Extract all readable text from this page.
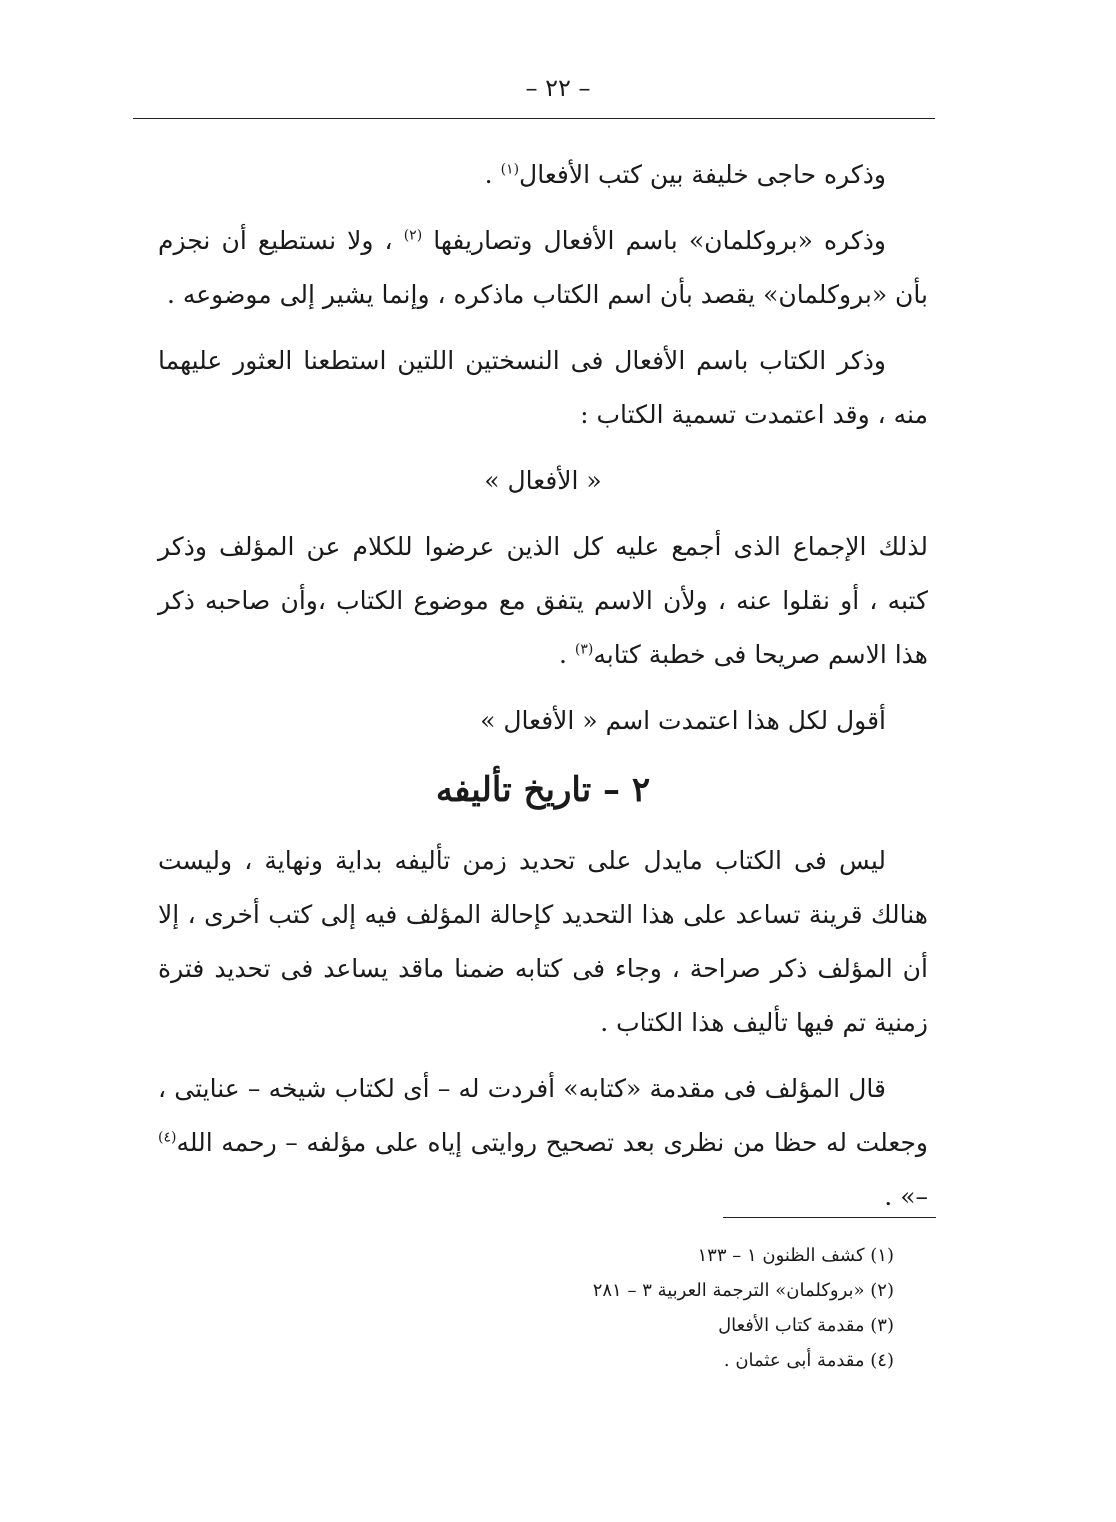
– ٢٢ –

وذكره حاجى خليفة بين كتب الأفعال$^{(١)}$ .

وذكره «بروكلمان» باسم الأفعال وتصاريفها $^{(٢)}$ ، ولا نستطيع أن نجزم بأن «بروكلمان» يقصد بأن اسم الكتاب ماذكره ، وإنما يشير إلى موضوعه .

وذكر الكتاب باسم الأفعال فى النسختين اللتين استطعنا العثور عليهما منه ، وقد اعتمدت تسمية الكتاب :

« الأفعال »

لذلك الإجماع الذى أجمع عليه كل الذين عرضوا للكلام عن المؤلف وذكر كتبه ، أو نقلوا عنه ، ولأن الاسم يتفق مع موضوع الكتاب ،وأن صاحبه ذكر هذا الاسم صريحا فى خطبة كتابه$^{(٣)}$ .

أقول لكل هذا اعتمدت اسم « الأفعال »

٢ – تاريخ تأليفه

ليس فى الكتاب مايدل على تحديد زمن تأليفه بداية ونهاية ، وليست هنالك قرينة تساعد على هذا التحديد كإحالة المؤلف فيه إلى كتب أخرى ، إلا أن المؤلف ذكر صراحة ، وجاء فى كتابه ضمنا ماقد يساعد فى تحديد فترة زمنية تم فيها تأليف هذا الكتاب .

قال المؤلف فى مقدمة «كتابه» أفردت له – أى لكتاب شيخه – عنايتى ، وجعلت له حظا من نظرى بعد تصحيح روايتى إياه على مؤلفه – رحمه الله$^{(٤)}$ –» .

(١) كشف الظنون ١ – ١٣٣

(٢) «بروكلمان» الترجمة العربية ٣ – ٢٨١

(٣) مقدمة كتاب الأفعال

(٤) مقدمة أبى عثمان .
